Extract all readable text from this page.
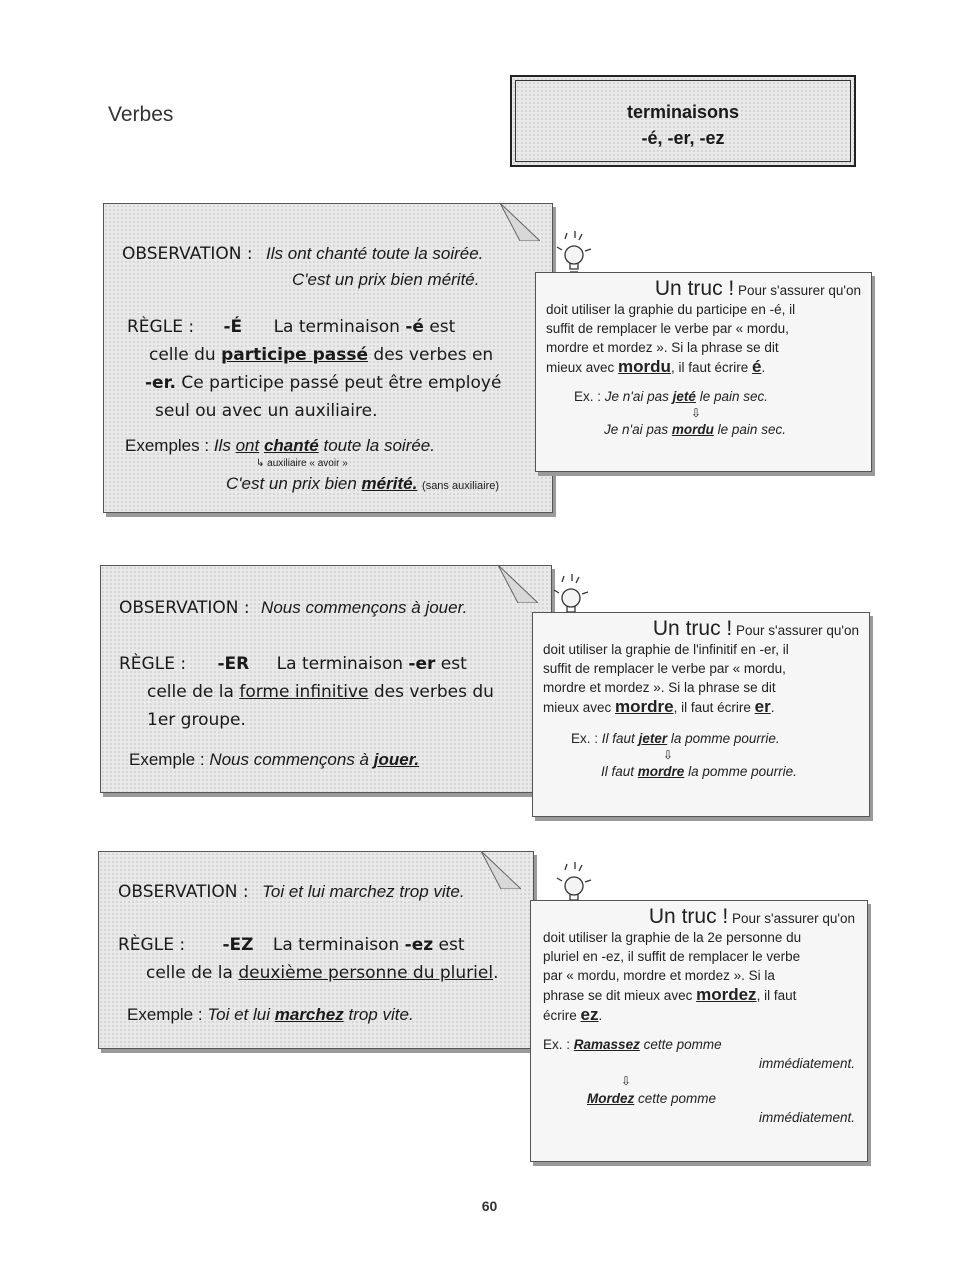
Verbes	terminaisons
-é, -er, -ez
OBSERVATION : Ils ont chanté toute la soirée.
C'est un prix bien mérité.
RÈGLE : -É La terminaison -é est
celle du participe passé des verbes en
-er. Ce participe passé peut être employé
seul ou avec un auxiliaire.
Exemples : Ils ont chanté toute la soirée.
↳ auxiliaire « avoir »
C'est un prix bien mérité. (sans auxiliaire)
Un truc ! Pour s'assurer qu'on
doit utiliser la graphie du participe en -é, il
suffit de remplacer le verbe par « mordu,
mordre et mordez ». Si la phrase se dit
mieux avec mordu, il faut écrire é.
Ex. : Je n'ai pas jeté le pain sec.
⇩
Je n'ai pas mordu le pain sec.
OBSERVATION : Nous commençons à jouer.
RÈGLE : -ER La terminaison -er est
celle de la forme infinitive des verbes du
1er groupe.
Exemple : Nous commençons à jouer.
Un truc ! Pour s'assurer qu'on
doit utiliser la graphie de l'infinitif en -er, il
suffit de remplacer le verbe par « mordu,
mordre et mordez ». Si la phrase se dit
mieux avec mordre, il faut écrire er.
Ex. : Il faut jeter la pomme pourrie.
⇩
Il faut mordre la pomme pourrie.
OBSERVATION : Toi et lui marchez trop vite.
RÈGLE : -EZ La terminaison -ez est
celle de la deuxième personne du pluriel.
Exemple : Toi et lui marchez trop vite.
Un truc ! Pour s'assurer qu'on
doit utiliser la graphie de la 2e personne du
pluriel en -ez, il suffit de remplacer le verbe
par « mordu, mordre et mordez ». Si la
phrase se dit mieux avec mordez, il faut
écrire ez.
Ex. : Ramassez cette pomme
immédiatement.
⇩
Mordez cette pomme
immédiatement.
60
